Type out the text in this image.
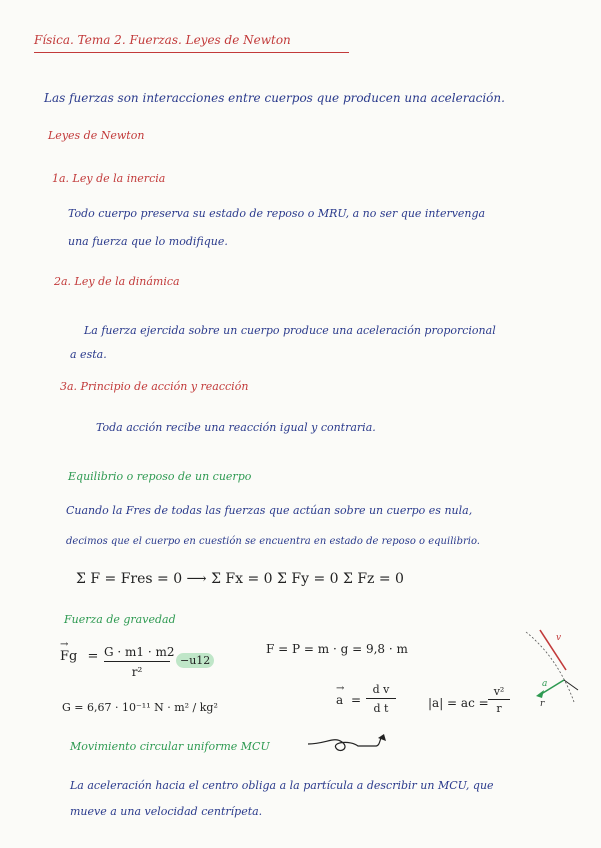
Física. Tema 2. Fuerzas. Leyes de Newton
Las fuerzas son interacciones entre cuerpos que producen una aceleración.
Leyes de Newton
1a. Ley de la inercia
Todo cuerpo preserva su estado de reposo o MRU, a no ser que intervenga
una fuerza que lo modifique.
2a. Ley de la dinámica
La fuerza ejercida sobre un cuerpo produce una aceleración proporcional
a esta.
3a. Principio de acción y reacción
Toda acción recibe una reacción igual y contraria.
Equilibrio o reposo de un cuerpo
Cuando la Fres de todas las fuerzas que actúan sobre un cuerpo es nula,
decimos que el cuerpo en cuestión se encuentra en estado de reposo o equilibrio.
Σ F = Fres = 0 ⟶ Σ Fx = 0 Σ Fy = 0 Σ Fz = 0
Fuerza de gravedad
→
Fg = G · m1 · m2
r²
−u12
F = P = m · g = 9,8 · m
G = 6,67 · 10⁻¹¹ N · m² / kg²
→
a =
d v
d t	|a| = ac =
v²
r
v
a
r
Movimiento circular uniforme MCU
La aceleración hacia el centro obliga a la partícula a describir un MCU, que
mueve a una velocidad centrípeta.
